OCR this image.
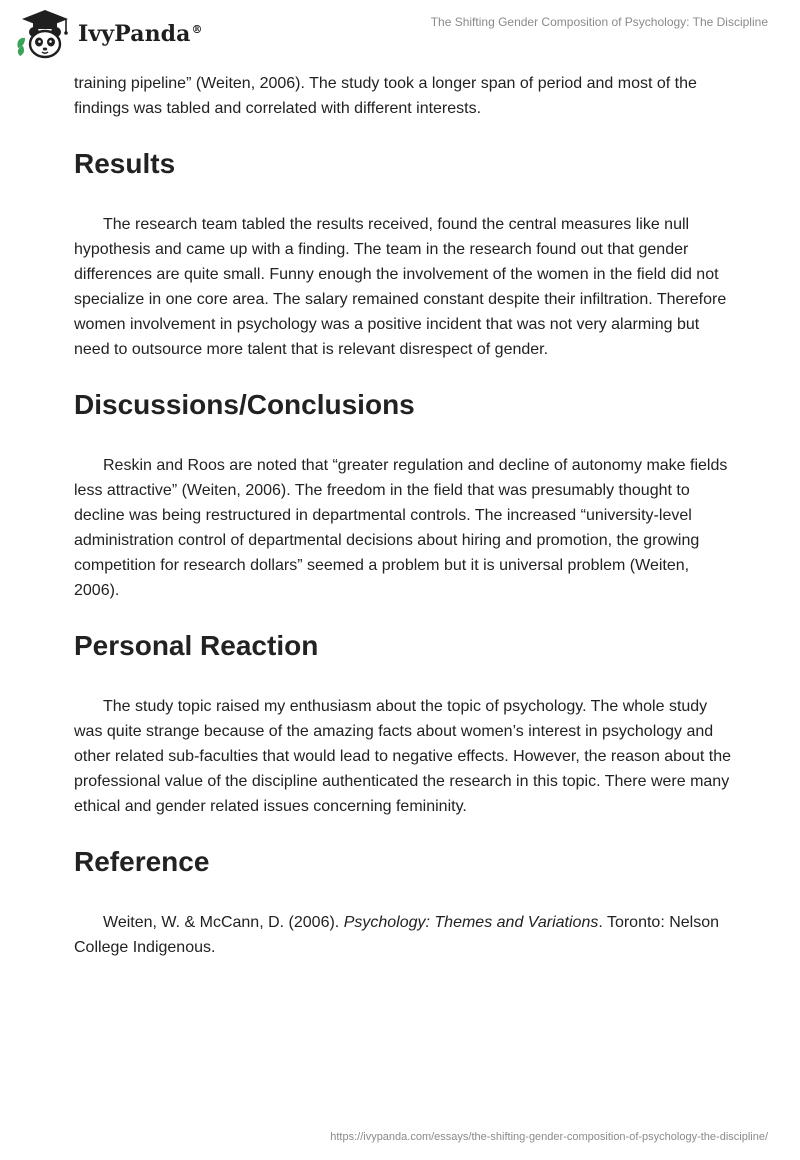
IvyPanda®
The Shifting Gender Composition of Psychology: The Discipline

training pipeline” (Weiten, 2006). The study took a longer span of period and most of the findings was tabled and correlated with different interests.

Results

The research team tabled the results received, found the central measures like null hypothesis and came up with a finding. The team in the research found out that gender differences are quite small. Funny enough the involvement of the women in the field did not specialize in one core area. The salary remained constant despite their infiltration. Therefore women involvement in psychology was a positive incident that was not very alarming but need to outsource more talent that is relevant disrespect of gender.

Discussions/Conclusions

Reskin and Roos are noted that “greater regulation and decline of autonomy make fields less attractive” (Weiten, 2006). The freedom in the field that was presumably thought to decline was being restructured in departmental controls. The increased “university-level administration control of departmental decisions about hiring and promotion, the growing competition for research dollars” seemed a problem but it is universal problem (Weiten, 2006).

Personal Reaction

The study topic raised my enthusiasm about the topic of psychology. The whole study was quite strange because of the amazing facts about women’s interest in psychology and other related sub-faculties that would lead to negative effects. However, the reason about the professional value of the discipline authenticated the research in this topic. There were many ethical and gender related issues concerning femininity.

Reference

Weiten, W. & McCann, D. (2006). Psychology: Themes and Variations. Toronto: Nelson College Indigenous.

https://ivypanda.com/essays/the-shifting-gender-composition-of-psychology-the-discipline/
